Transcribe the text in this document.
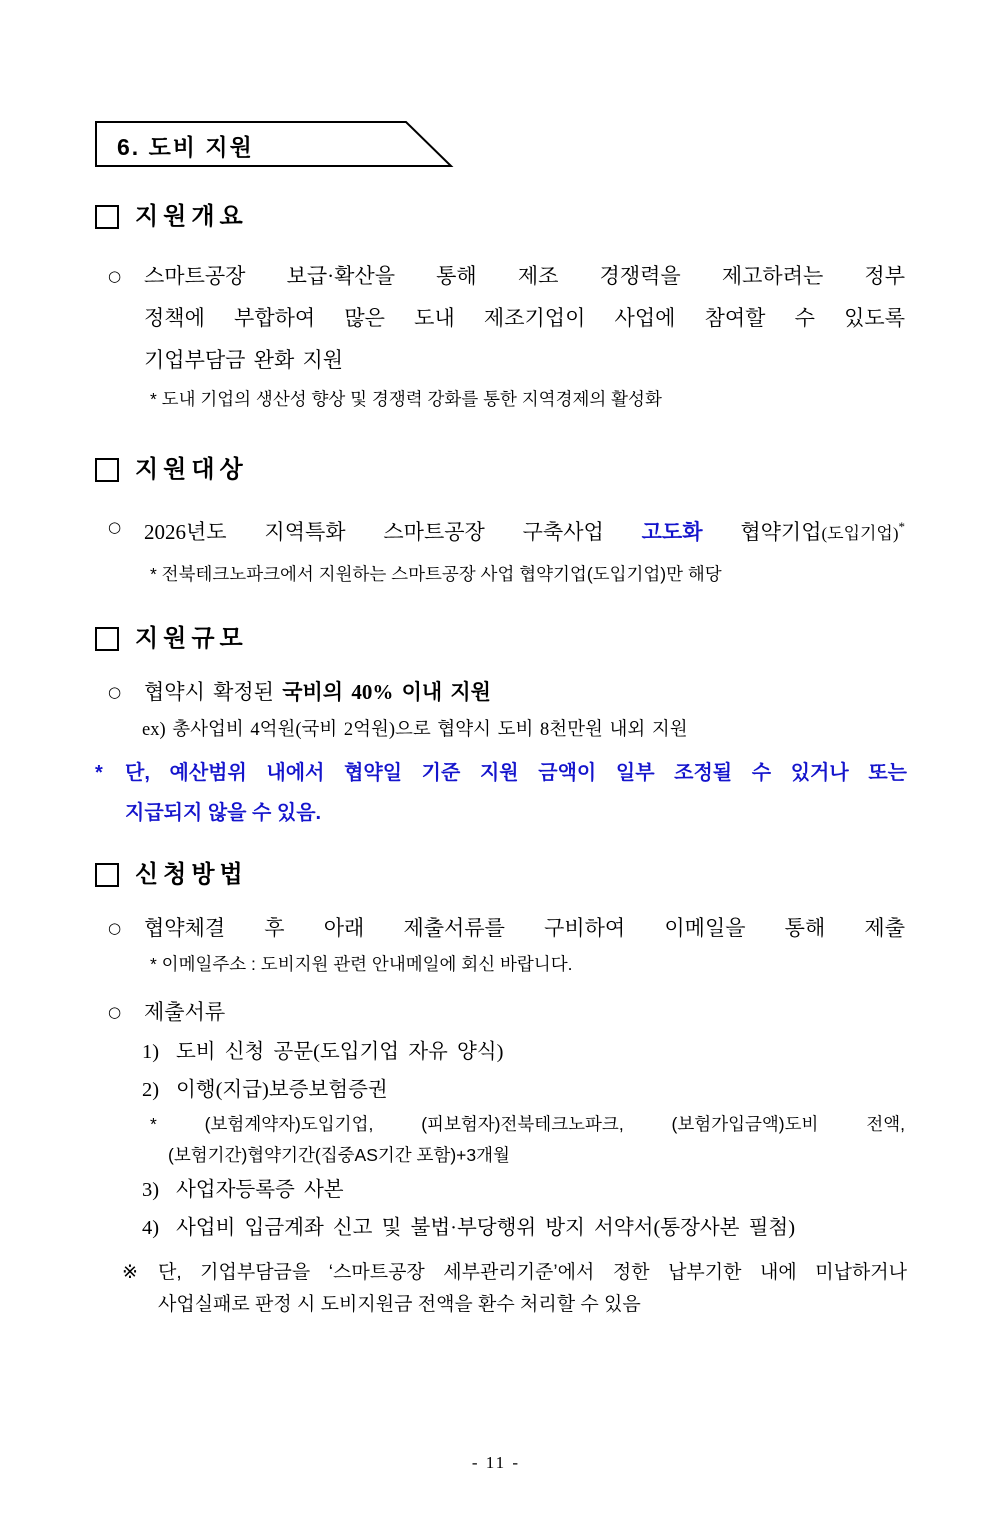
6. 도비 지원
지원개요
○	스마트공장 보급·확산을 통해 제조 경쟁력을 제고하려는 정부
정책에 부합하여 많은 도내 제조기업이 사업에 참여할 수 있도록
기업부담금 완화 지원
* 도내 기업의 생산성 향상 및 경쟁력 강화를 통한 지역경제의 활성화
지원대상
○	2026년도 지역특화 스마트공장 구축사업 고도화 협약기업(도입기업)*
* 전북테크노파크에서 지원하는 스마트공장 사업 협약기업(도입기업)만 해당
지원규모
○	협약시 확정된 국비의 40% 이내 지원
ex) 총사업비 4억원(국비 2억원)으로 협약시 도비 8천만원 내외 지원
*	단, 예산범위 내에서 협약일 기준 지원 금액이 일부 조정될 수 있거나 또는
지급되지 않을 수 있음.
신청방법
○	협약체결 후 아래 제출서류를 구비하여 이메일을 통해 제출
* 이메일주소 : 도비지원 관련 안내메일에 회신 바랍니다.
○	제출서류
1) 도비 신청 공문(도입기업 자유 양식)
2) 이행(지급)보증보험증권
* (보험계약자)도입기업, (피보험자)전북테크노파크, (보험가입금액)도비 전액,
(보험기간)협약기간(집중AS기간 포함)+3개월
3) 사업자등록증 사본
4) 사업비 입금계좌 신고 및 불법·부당행위 방지 서약서(통장사본 필첨)
※	단, 기업부담금을 ‘스마트공장 세부관리기준’에서 정한 납부기한 내에 미납하거나
사업실패로 판정 시 도비지원금 전액을 환수 처리할 수 있음
- 11 -
